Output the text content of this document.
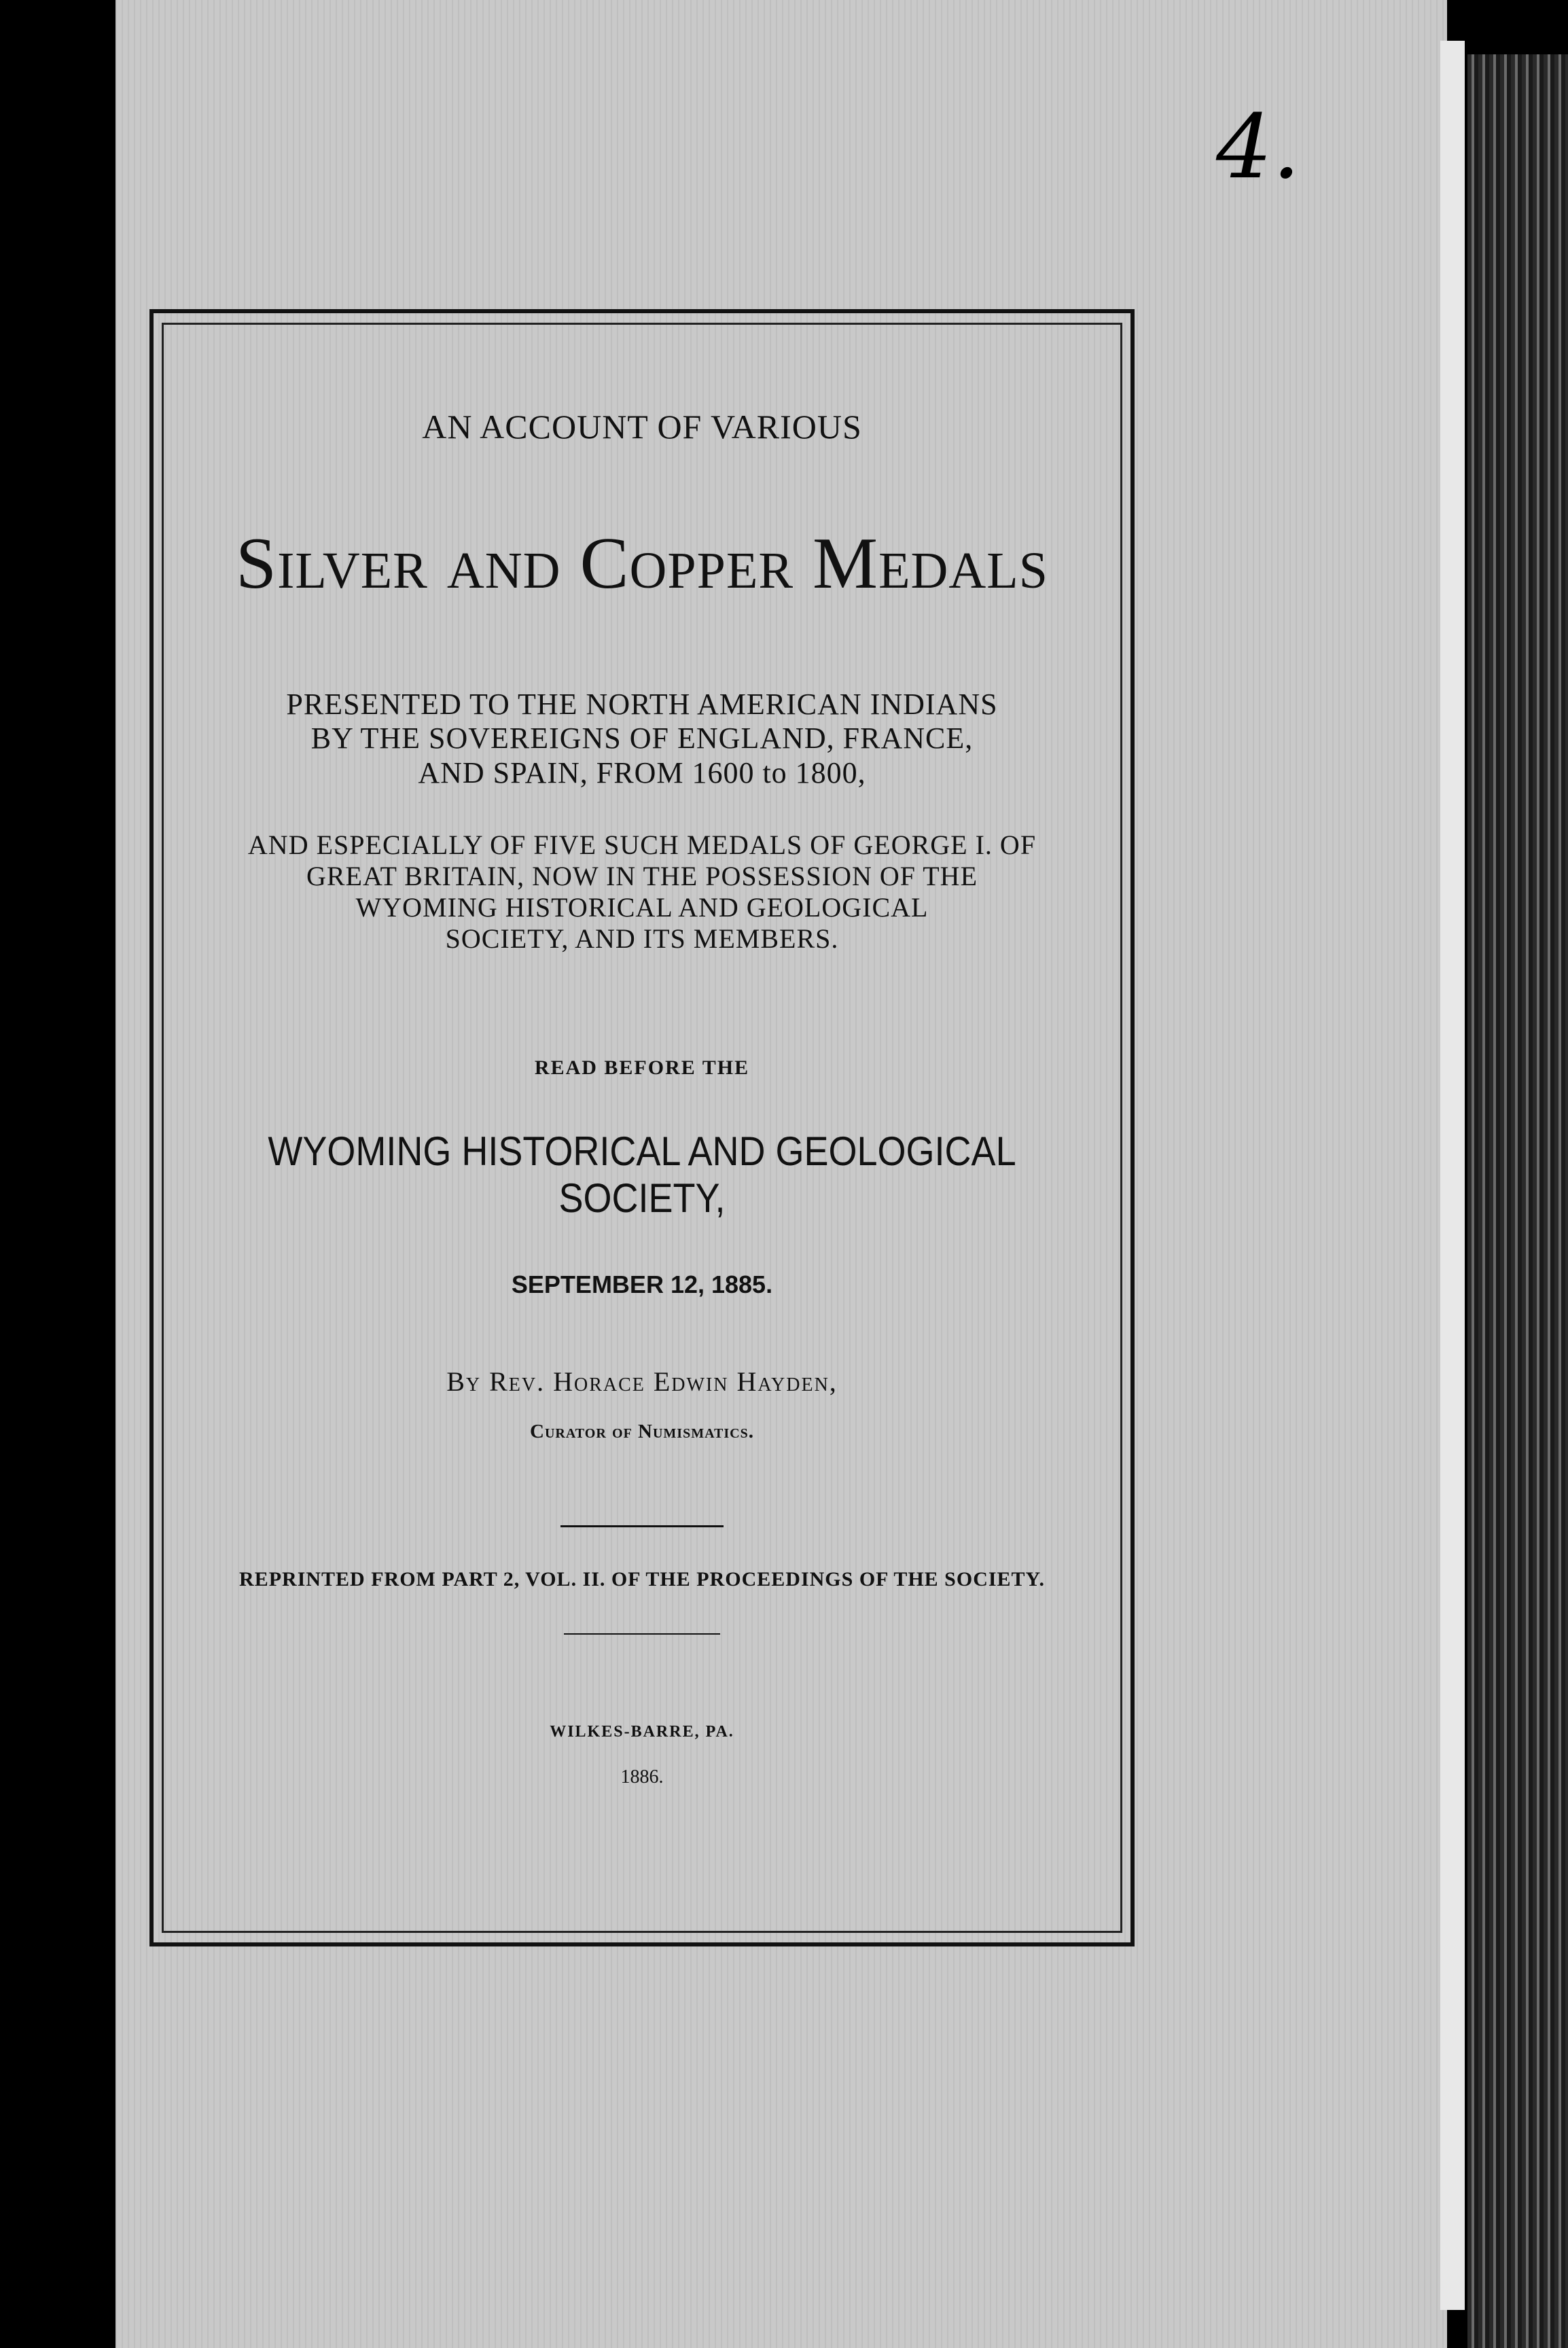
4.

AN ACCOUNT OF VARIOUS

Silver and Copper Medals

PRESENTED TO THE NORTH AMERICAN INDIANS

BY THE SOVEREIGNS OF ENGLAND, FRANCE,

AND SPAIN, FROM 1600 to 1800,

AND ESPECIALLY OF FIVE SUCH MEDALS OF GEORGE I. OF

GREAT BRITAIN, NOW IN THE POSSESSION OF THE

WYOMING HISTORICAL AND GEOLOGICAL

SOCIETY, AND ITS MEMBERS.

READ BEFORE THE

WYOMING HISTORICAL AND GEOLOGICAL SOCIETY,

SEPTEMBER 12, 1885.

By Rev. Horace Edwin Hayden,

Curator of Numismatics.

REPRINTED FROM PART 2, VOL. II. OF THE PROCEEDINGS OF THE SOCIETY.

WILKES-BARRE, PA.

1886.
